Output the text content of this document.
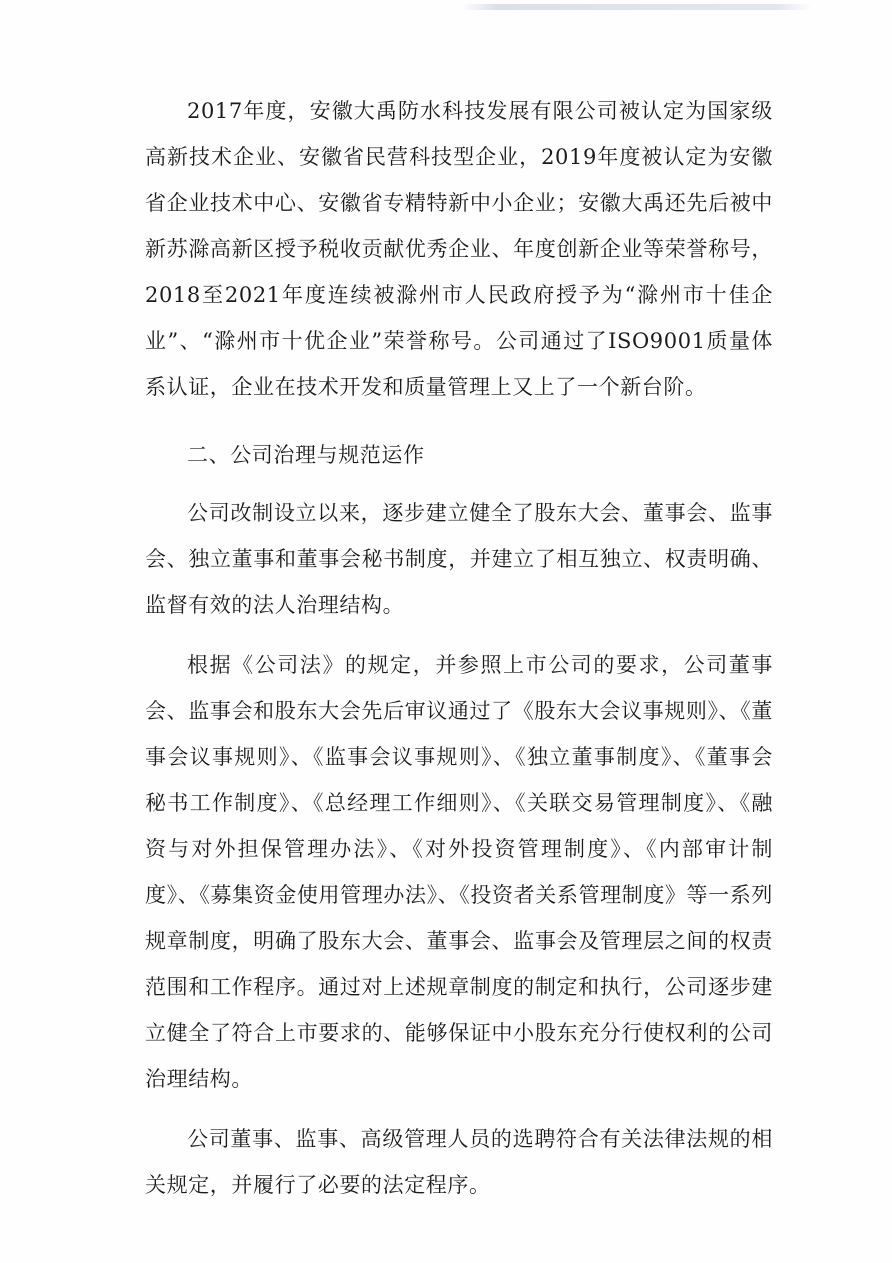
2017年度，安徽大禹防水科技发展有限公司被认定为国家级高新技术企业、安徽省民营科技型企业，2019年度被认定为安徽省企业技术中心、安徽省专精特新中小企业；安徽大禹还先后被中新苏滁高新区授予税收贡献优秀企业、年度创新企业等荣誉称号，2018至2021年度连续被滁州市人民政府授予为“滁州市十佳企业”、“滁州市十优企业”荣誉称号。公司通过了ISO9001质量体系认证，企业在技术开发和质量管理上又上了一个新台阶。

二、公司治理与规范运作

公司改制设立以来，逐步建立健全了股东大会、董事会、监事会、独立董事和董事会秘书制度，并建立了相互独立、权责明确、监督有效的法人治理结构。

根据《公司法》的规定，并参照上市公司的要求，公司董事会、监事会和股东大会先后审议通过了《股东大会议事规则》、《董事会议事规则》、《监事会议事规则》、《独立董事制度》、《董事会秘书工作制度》、《总经理工作细则》、《关联交易管理制度》、《融资与对外担保管理办法》、《对外投资管理制度》、《内部审计制度》、《募集资金使用管理办法》、《投资者关系管理制度》等一系列规章制度，明确了股东大会、董事会、监事会及管理层之间的权责范围和工作程序。通过对上述规章制度的制定和执行，公司逐步建立健全了符合上市要求的、能够保证中小股东充分行使权利的公司治理结构。

公司董事、监事、高级管理人员的选聘符合有关法律法规的相关规定，并履行了必要的法定程序。
